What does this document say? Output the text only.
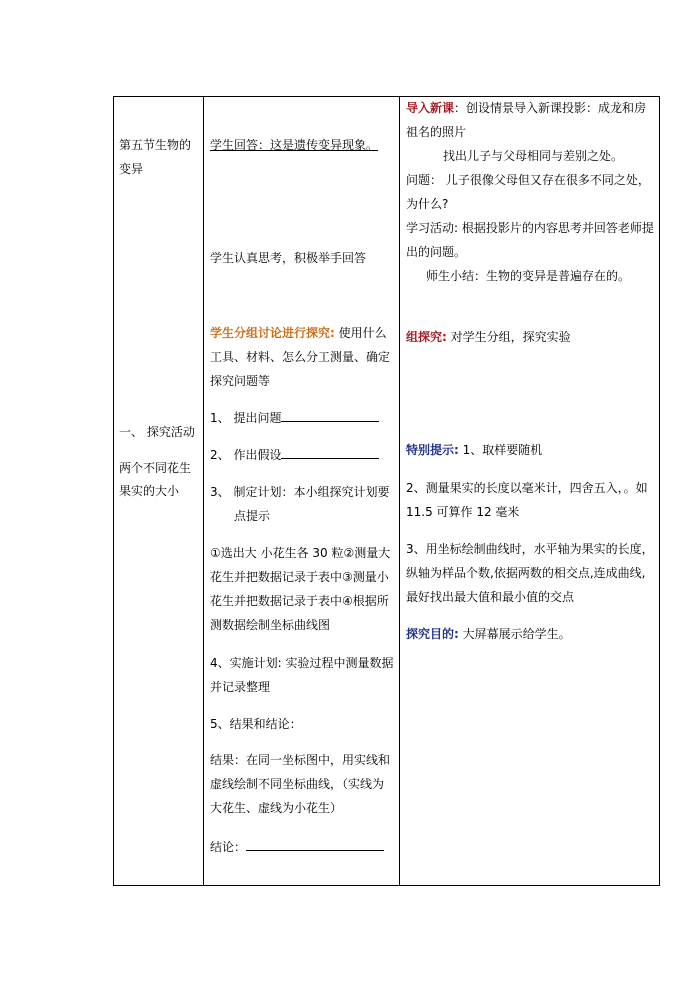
第五节生物的
变异
一、 探究活动
两个不同花生
果实的大小
学生回答：这是遗传变异现象。
学生认真思考，积极举手回答
学生分组讨论进行探究: 使用什么
工具、材料、怎么分工测量、确定
探究问题等
1、 提出问题
2、 作出假设
3、 制定计划：本小组探究计划要
点提示
①选出大 小花生各 30 粒②测量大
花生并把数据记录于表中③测量小
花生并把数据记录于表中④根据所
测数据绘制坐标曲线图
4、实施计划: 实验过程中测量数据
并记录整理
5、结果和结论：
结果：在同一坐标图中，用实线和
虚线绘制不同坐标曲线，（实线为
大花生、虚线为小花生）
结论：
导入新课：创设情景导入新课投影：成龙和房
祖名的照片
找出儿子与父母相同与差别之处。
问题： 儿子很像父母但又存在很多不同之处，
为什么?
学习活动: 根据投影片的内容思考并回答老师提
出的问题。
师生小结：生物的变异是普遍存在的。
组探究: 对学生分组，探究实验
特别提示: 1、取样要随机
2、测量果实的长度以毫米计，四舍五入，。如
11.5 可算作 12 毫米
3、用坐标绘制曲线时，水平轴为果实的长度，
纵轴为样品个数,依据两数的相交点,连成曲线,
最好找出最大值和最小值的交点
探究目的: 大屏幕展示给学生。
